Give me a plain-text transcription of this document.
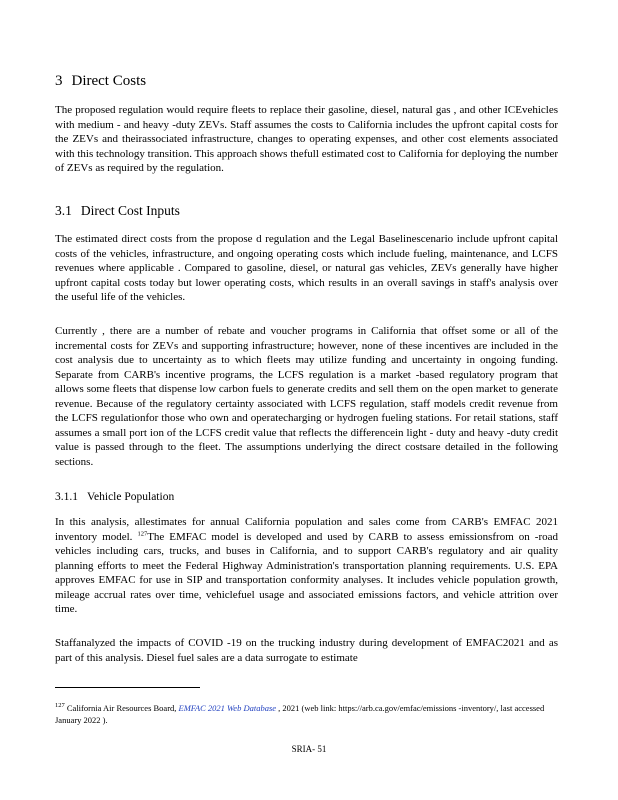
3 Direct Costs

The proposed regulation would require fleets to replace their gasoline, diesel, natural gas , and other ICEvehicles with medium - and heavy -duty ZEVs. Staff assumes the costs to California includes the upfront capital costs for the ZEVs and theirassociated infrastructure, changes to operating expenses, and other cost elements associated with this technology transition. This approach shows thefull estimated cost to California for deploying the number of ZEVs as required by the regulation.

3.1 Direct Cost Inputs

The estimated direct costs from the propose d regulation and the Legal Baselinescenario include upfront capital costs of the vehicles, infrastructure, and ongoing operating costs which include fueling, maintenance, and LCFS revenues where applicable . Compared to gasoline, diesel, or natural gas vehicles, ZEVs generally have higher upfront capital costs today but lower operating costs, which results in an overall savings in staff's analysis over the useful life of the vehicles.

Currently , there are a number of rebate and voucher programs in California that offset some or all of the incremental costs for ZEVs and supporting infrastructure; however, none of these incentives are included in the cost analysis due to uncertainty as to which fleets may utilize funding and uncertainty in ongoing funding. Separate from CARB's incentive programs, the LCFS regulation is a market -based regulatory program that allows some fleets that dispense low carbon fuels to generate credits and sell them on the open market to generate revenue. Because of the regulatory certainty associated with LCFS regulation, staff models credit revenue from the LCFS regulationfor those who own and operatecharging or hydrogen fueling stations. For retail stations, staff assumes a small port ion of the LCFS credit value that reflects the differencein light - duty and heavy -duty credit value is passed through to the fleet. The assumptions underlying the direct costsare detailed in the following sections.

3.1.1 Vehicle Population

In this analysis, allestimates for annual California population and sales come from CARB's EMFAC 2021 inventory model. $^{127}$The EMFAC model is developed and used by CARB to assess emissionsfrom on -road vehicles including cars, trucks, and buses in California, and to support CARB's regulatory and air quality planning efforts to meet the Federal Highway Administration's transportation planning requirements. U.S. EPA approves EMFAC for use in SIP and transportation conformity analyses. It includes vehicle population growth, mileage accrual rates over time, vehiclefuel usage and associated emissions factors, and vehicle attrition over time.

Staffanalyzed the impacts of COVID -19 on the trucking industry during development of EMFAC2021 and as part of this analysis. Diesel fuel sales are a data surrogate to estimate

$^{127}$ California Air Resources Board, EMFAC 2021 Web Database , 2021 (web link: https://arb.ca.gov/emfac/emissions -inventory/, last accessed January 2022 ).
SRIA- 51
